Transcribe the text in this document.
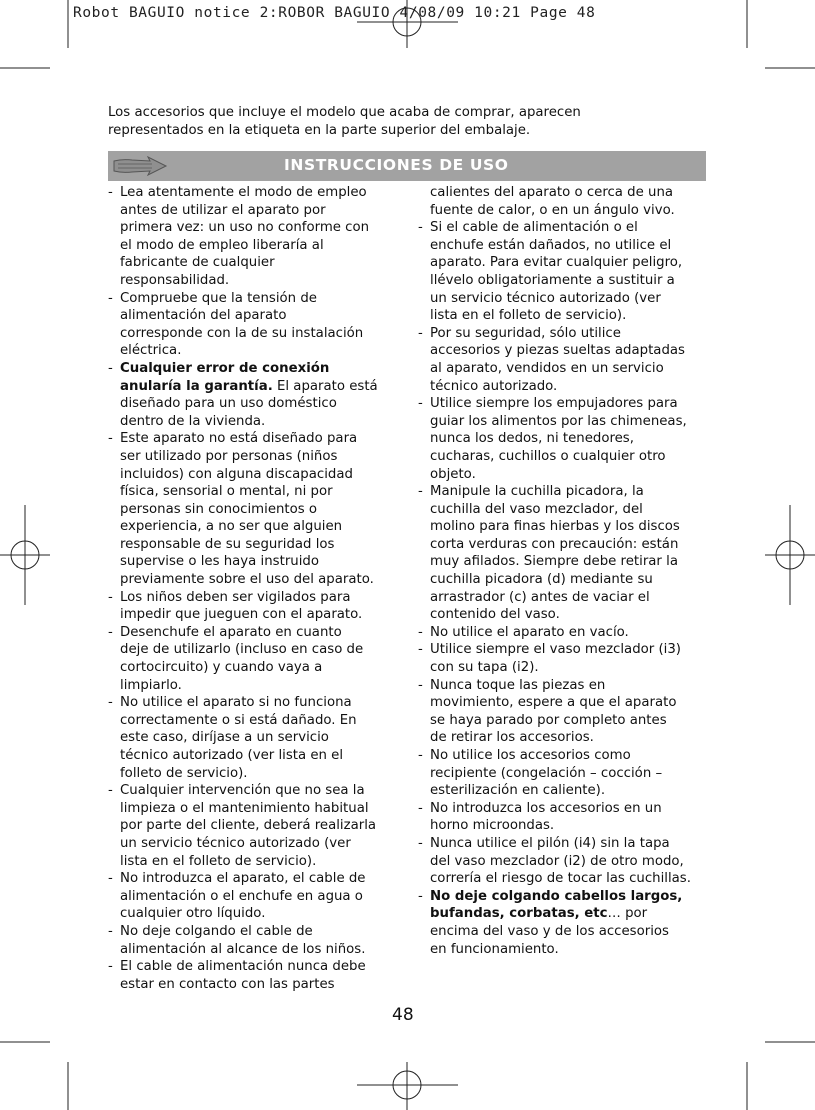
Robot BAGUIO notice 2:ROBOR BAGUIO 4/08/09 10:21 Page 48

Los accesorios que incluye el modelo que acaba de comprar, aparecen

representados en la etiqueta en la parte superior del embalaje.

INSTRUCCIONES DE USO
- Lea atentamente el modo de empleo
antes de utilizar el aparato por
primera vez: un uso no conforme con
el modo de empleo liberaría al
fabricante de cualquier
responsabilidad.
- Compruebe que la tensión de
alimentación del aparato
corresponde con la de su instalación
eléctrica.
- Cualquier error de conexión
anularía la garantía. El aparato está
diseñado para un uso doméstico
dentro de la vivienda.
- Este aparato no está diseñado para
ser utilizado por personas (niños
incluidos) con alguna discapacidad
física, sensorial o mental, ni por
personas sin conocimientos o
experiencia, a no ser que alguien
responsable de su seguridad los
supervise o les haya instruido
previamente sobre el uso del aparato.
- Los niños deben ser vigilados para
impedir que jueguen con el aparato.
- Desenchufe el aparato en cuanto
deje de utilizarlo (incluso en caso de
cortocircuito) y cuando vaya a
limpiarlo.
- No utilice el aparato si no funciona
correctamente o si está dañado. En
este caso, diríjase a un servicio
técnico autorizado (ver lista en el
folleto de servicio).
- Cualquier intervención que no sea la
limpieza o el mantenimiento habitual
por parte del cliente, deberá realizarla
un servicio técnico autorizado (ver
lista en el folleto de servicio).
- No introduzca el aparato, el cable de
alimentación o el enchufe en agua o
cualquier otro líquido.
- No deje colgando el cable de
alimentación al alcance de los niños.
- El cable de alimentación nunca debe
estar en contacto con las partes
calientes del aparato o cerca de una
fuente de calor, o en un ángulo vivo.
- Si el cable de alimentación o el
enchufe están dañados, no utilice el
aparato. Para evitar cualquier peligro,
llévelo obligatoriamente a sustituir a
un servicio técnico autorizado (ver
lista en el folleto de servicio).
- Por su seguridad, sólo utilice
accesorios y piezas sueltas adaptadas
al aparato, vendidos en un servicio
técnico autorizado.
- Utilice siempre los empujadores para
guiar los alimentos por las chimeneas,
nunca los dedos, ni tenedores,
cucharas, cuchillos o cualquier otro
objeto.
- Manipule la cuchilla picadora, la
cuchilla del vaso mezclador, del
molino para finas hierbas y los discos
corta verduras con precaución: están
muy afilados. Siempre debe retirar la
cuchilla picadora (d) mediante su
arrastrador (c) antes de vaciar el
contenido del vaso.
- No utilice el aparato en vacío.
- Utilice siempre el vaso mezclador (i3)
con su tapa (i2).
- Nunca toque las piezas en
movimiento, espere a que el aparato
se haya parado por completo antes
de retirar los accesorios.
- No utilice los accesorios como
recipiente (congelación – cocción –
esterilización en caliente).
- No introduzca los accesorios en un
horno microondas.
- Nunca utilice el pilón (i4) sin la tapa
del vaso mezclador (i2) de otro modo,
correría el riesgo de tocar las cuchillas.
- No deje colgando cabellos largos,
bufandas, corbatas, etc… por
encima del vaso y de los accesorios
en funcionamiento.
48
